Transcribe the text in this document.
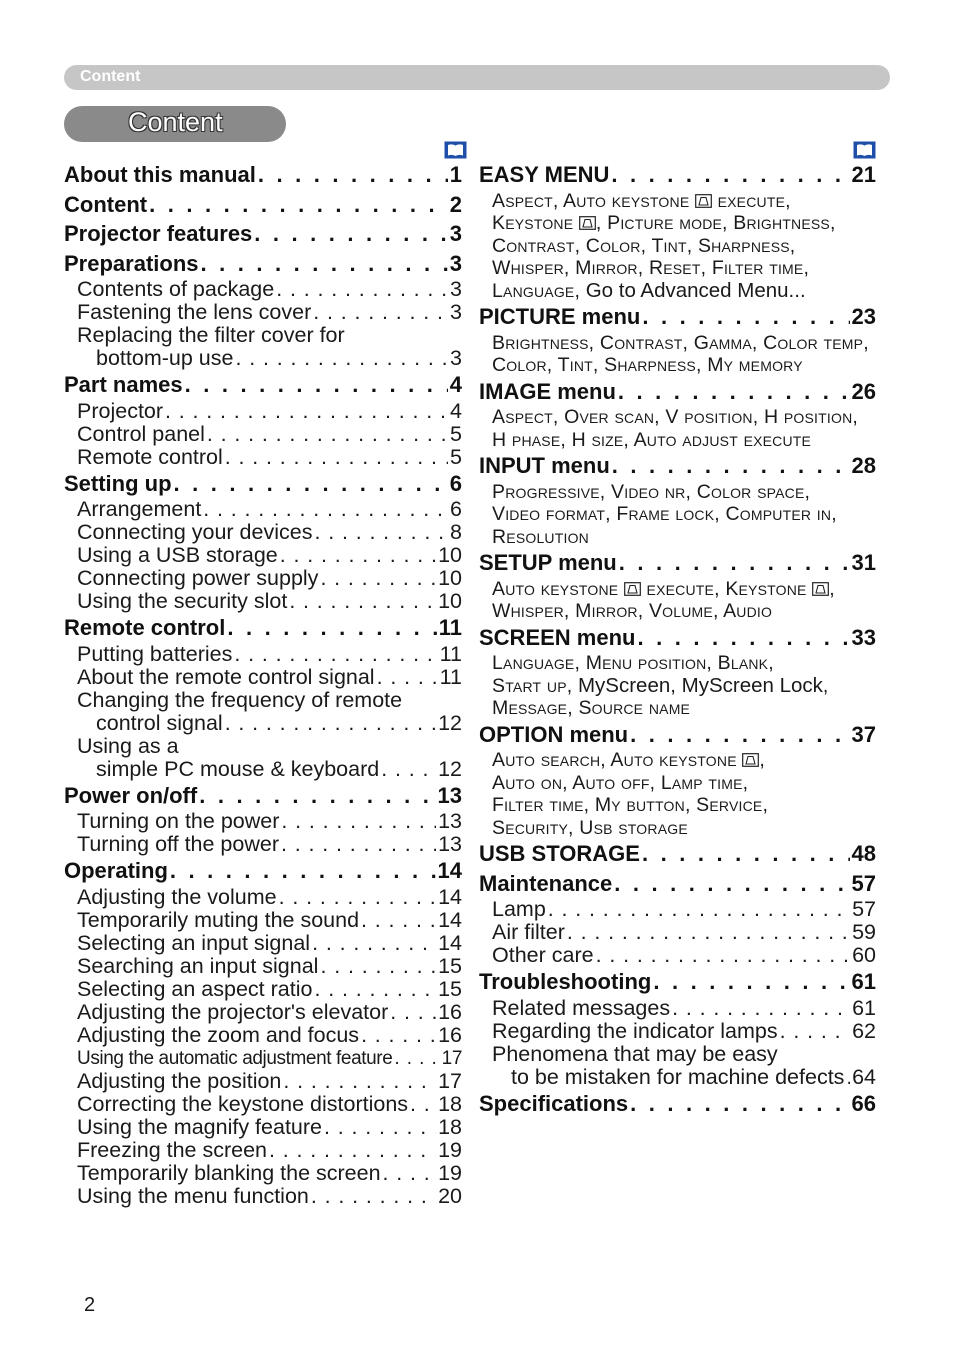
Content
Content
About this manual . . .	1
Content . . .	2
Projector features . . .	3
Preparations . . .	3
Contents of package . . .	3
Fastening the lens cover . . .	3
Replacing the filter cover for
bottom-up use . . .	3
Part names . . .	4
Projector . . .	4
Control panel . . .	5
Remote control . . .	5
Setting up . . .	6
Arrangement . . .	6
Connecting your devices . . .	8
Using a USB storage . . .	10
Connecting power supply . . .	10
Using the security slot . . .	10
Remote control . . .	11
Putting batteries . . .	11
About the remote control signal . . .	11
Changing the frequency of remote
control signal . . .	12
Using as a
simple PC mouse & keyboard . . .	12
Power on/off . . .	13
Turning on the power . . .	13
Turning off the power . . .	13
Operating . . .	14
Adjusting the volume . . .	14
Temporarily muting the sound . . .	14
Selecting an input signal . . .	14
Searching an input signal . . .	15
Selecting an aspect ratio . . .	15
Adjusting the projector's elevator . . . 16
Adjusting the zoom and focus . . .	16
Using the automatic adjustment feature . . .	17
Adjusting the position . . .	17
Correcting the keystone distortions . . . 18
Using the magnify feature . . .	18
Freezing the screen . . .	19
Temporarily blanking the screen . . .	19
Using the menu function . . .	20
EASY MENU . . .	21
Aspect, Auto keystone  execute,
Keystone , Picture mode, Brightness,
Contrast, Color, Tint, Sharpness,
Whisper, Mirror, Reset, Filter time,
Language, Go to Advanced Menu...
PICTURE menu . . .	23
Brightness, Contrast, Gamma, Color temp,
Color, Tint, Sharpness, My memory
IMAGE menu . . .	26
Aspect, Over scan, V position, H position,
H phase, H size, Auto adjust execute
INPUT menu . . .	28
Progressive, Video nr, Color space,
Video format, Frame lock, Computer in,
Resolution
SETUP menu . . .	31
Auto keystone  execute, Keystone ,
Whisper, Mirror, Volume, Audio
SCREEN menu . . .	33
Language, Menu position, Blank,
Start up, MyScreen, MyScreen Lock,
Message, Source name
OPTION menu . . .	37
Auto search, Auto keystone ,
Auto on, Auto off, Lamp time,
Filter time, My button, Service,
Security, Usb storage
USB STORAGE . . .	48
Maintenance . . .	57
Lamp . . .	57
Air filter . . .	59
Other care . . .	60
Troubleshooting . . .	61
Related messages . . .	61
Regarding the indicator lamps . . .	62
Phenomena that may be easy
to be mistaken for machine defects . . . 64
Specifications . . .	66
2
